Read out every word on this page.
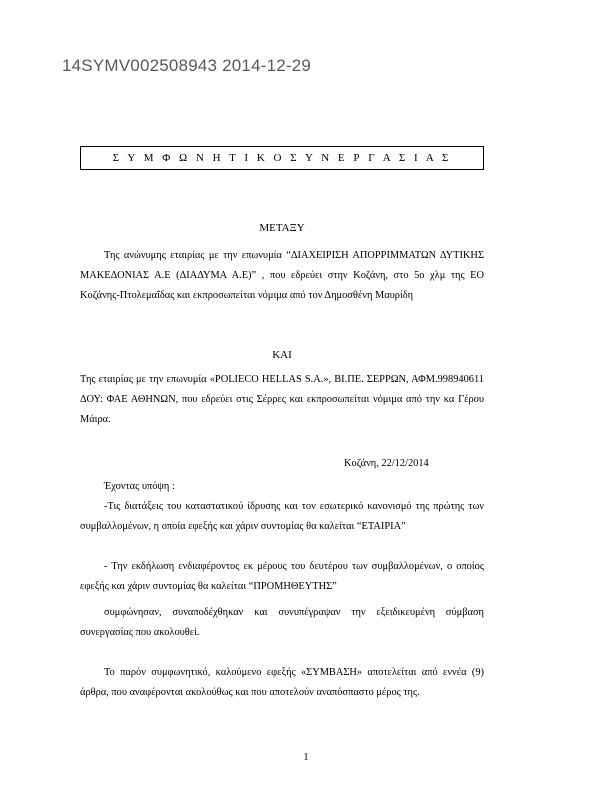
14SYMV002508943 2014-12-29
Σ Υ Μ Φ Ω Ν Η Τ Ι Κ Ο Σ Υ Ν Ε Ρ Γ Α Σ Ι Α Σ
ΜΕΤΑΞΥ
Της ανώνυμης εταιρίας με την επωνυμία “ΔΙΑΧΕΙΡΙΣΗ ΑΠΟΡΡΙΜΜΑΤΩΝ ΔΥΤΙΚΗΣ ΜΑΚΕΔΟΝΙΑΣ Α.Ε (ΔΙΑΔΥΜΑ Α.Ε)” , που εδρεύει στην Κοζάνη, στο 5ο χλμ της ΕΟ Κοζάνης-Πτολεμαΐδας και εκπροσωπείται νόμιμα από τον Δημοσθένη Μαυρίδη
ΚΑΙ
Της εταιρίας με την επωνυμία «POLIECO HELLAS S.A.», ΒΙ.ΠΕ. ΣΕΡΡΩΝ, ΑΦΜ.998940611 ΔΟΥ: ΦΑΕ ΑΘΗΝΩΝ, που εδρεύει στις Σέρρες και εκπροσωπείται νόμιμα από την κα Γέρου Μάιρα.
Κοζάνη, 22/12/2014
Έχοντας υπόψη :
-Τις διατάξεις του καταστατικού ίδρυσης και τον εσωτερικό κανονισμό της πρώτης των συμβαλλομένων, η οποία εφεξής και χάριν συντομίας θα καλείται “ΕΤΑΙΡΙΑ”
- Την εκδήλωση ενδιαφέροντος εκ μέρους του δευτέρου των συμβαλλομένων, ο οποίος εφεξής και χάριν συντομίας θα καλείται “ΠΡΟΜΗΘΕΥΤΗΣ”
συμφώνησαν, συναποδέχθηκαν και συνυπέγραψαν την εξειδικευμένη σύμβαση συνεργασίας που ακολουθεί.
Το παρόν συμφωνητικό, καλούμενο εφεξής «ΣΥΜΒΑΣΗ» αποτελείται από εννέα (9) άρθρα, που αναφέρονται ακολούθως και που αποτελούν αναπόσπαστο μέρος της.
1
